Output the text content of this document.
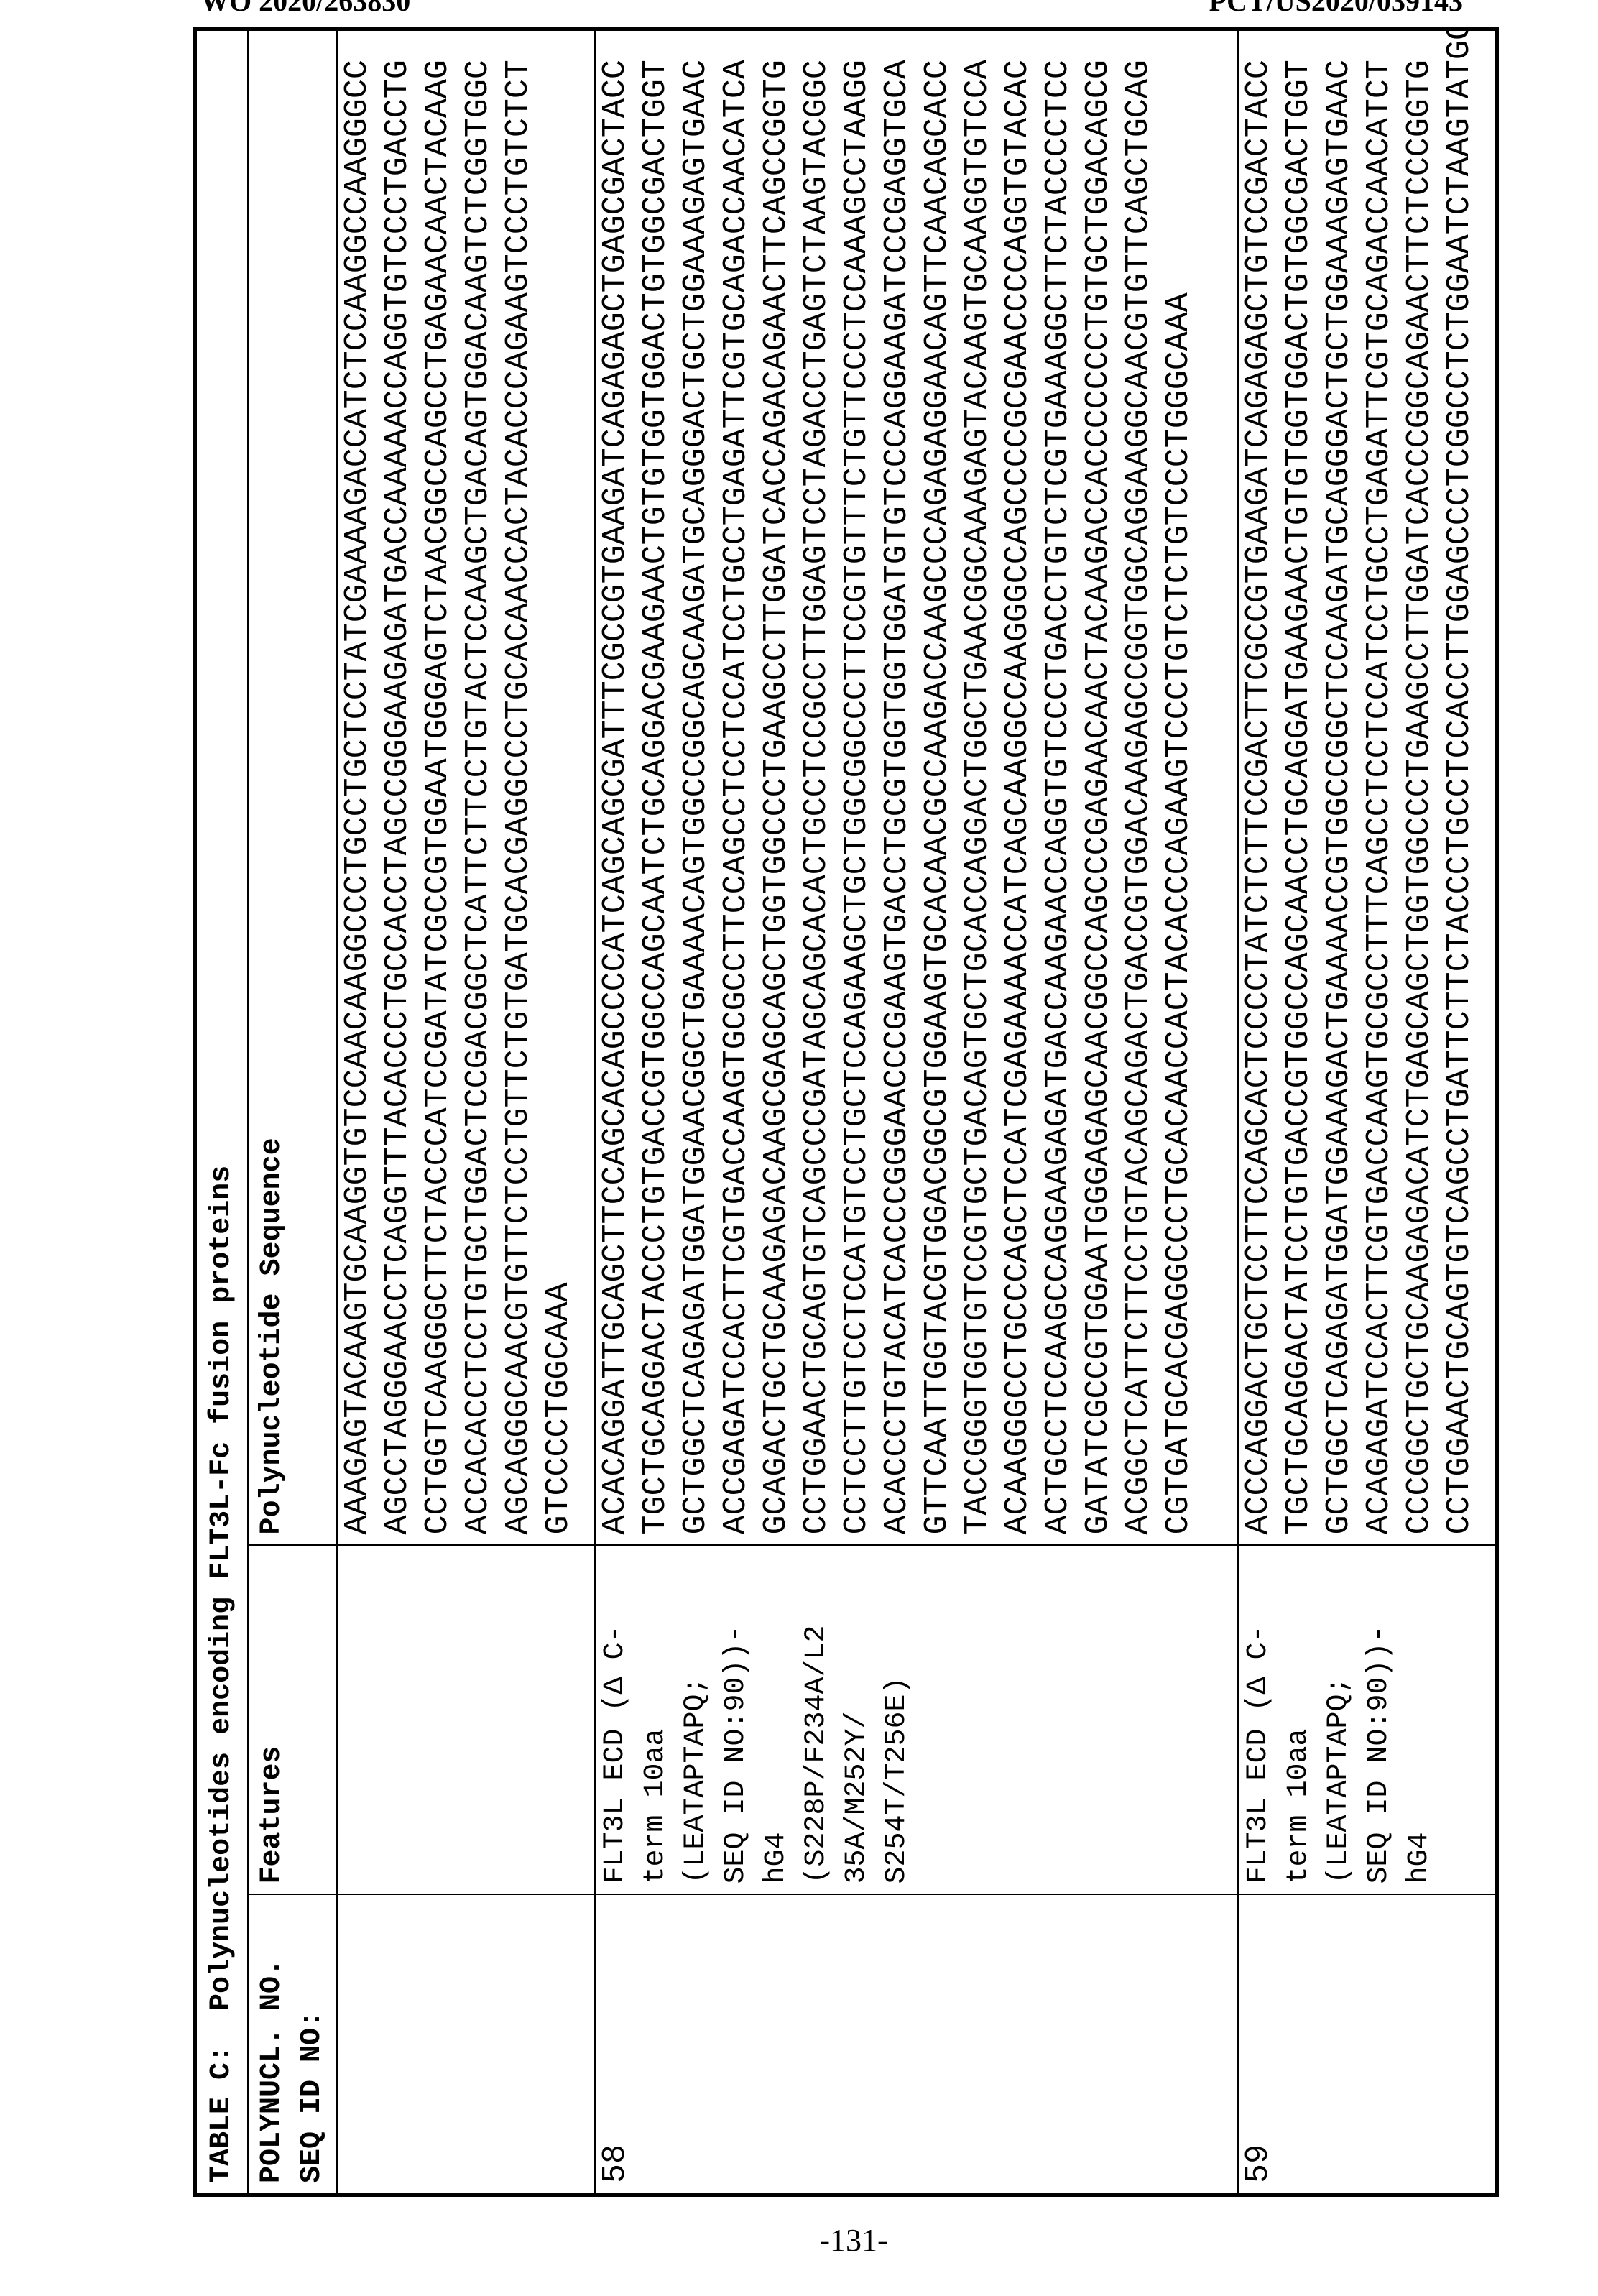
WO 2020/263830	PCT/US2020/039143
TABLE C:  Polynucleotides encoding FLT3L-Fc fusion proteinsPOLYNUCL. NO. SEQ ID NO:
	Features	Polynucleotide Sequence		AAAGAGTACAAGTGCAAGGTGTCCAACAAGGCCCTGCCTGCTCCTATCGAAAAGACCATCTCCAAGGCCAAGGGCC AGCCTAGGGAACCTCAGGTTTACACCCTGCCACCTAGCCGGGAAGAGATGACCAAAAACCAGGTGTCCCTGACCTG CCTGGTCAAGGGCTTCTACCCATCCGATATCGCCGTGGAATGGGAGTCTAACGGCCAGCCTGAGAACAACTACAAG ACCACACCTCCTGTGCTGGACTCCGACGGCTCATTCTTCCTGTACTCCAAGCTGACAGTGGACAAGTCTCGGTGGC AGCAGGGCAACGTGTTCTCCTGTTCTGTGATGCACGAGGCCCTGCACAACCACTACACCCAGAAGTCCCTGTCTCT GTCCCCTGGCAAA

58

FLT3L ECD (Δ C- term 10aa (LEATAPTAPQ; SEQ ID NO:90))- hG4 (S228P/F234A/L2 35A/M252Y/ S254T/T256E)

ACACAGGATTGCAGCTTCCAGCACAGCCCCATCAGCAGCGATTTCGCCGTGAAGATCAGAGAGCTGAGCGACTACC TGCTGCAGGACTACCCTGTGACCGTGGCCAGCAATCTGCAGGACGAAGAACTGTGTGGTGGACTGTGGCGACTGGT GCTGGCTCAGAGATGGATGGAACGGCTGAAAACAGTGGCCGGCAGCAAGATGCAGGGACTGCTGGAAAGAGTGAAC ACCGAGATCCACTTCGTGACCAAGTGCGCCTTCCAGCCTCCTCCATCCTGCCTGAGATTCGTGCAGACCAACATCA GCAGACTGCTGCAAGAGACAAGCGAGCAGCTGGTGGCCCTGAAGCCTTGGATCACCAGACAGAACTTCAGCCGGTG CCTGGAACTGCAGTGTCAGCCCGATAGCAGCACACTGCCTCCGCCTTGGAGTCCTAGACCTGAGTCTAAGTACGGC CCTCCTTGTCCTCCATGTCCTGCTCCAGAAGCTGCTGGCGGCCCTTCCGTGTTTCTGTTCCCTCCAAAGCCTAAGG ACACCCTGTACATCACCCGGGAACCCGAAGTGACCTGCGTGGTGGTGGATGTGTCCCAGGAAGATCCCGAGGTGCA GTTCAATTGGTACGTGGACGGCGTGGAAGTGCACAACGCCAAGACCAAGCCCAGAGAGGAACAGTTCAACAGCACC TACCGGGTGGTGTCCGTGCTGACAGTGCTGCACCAGGACTGGCTGAACGGCAAAGAGTACAAGTGCAAGGTGTCCA ACAAGGGCCTGCCCAGCTCCATCGAGAAAACCATCAGCAAGGCCAAGGGCCAGCCCCGCGAACCCCAGGTGTACAC ACTGCCTCCAAGCCAGGAAGAGATGACCAAGAACCAGGTGTCCCTGACCTGTCTCGTGAAAGGCTTCTACCCCTCC GATATCGCCGTGGAATGGGAGAGCAACGGCCAGCCCGAGAACAACTACAAGACCACCCCCCCTGTGCTGGACAGCG ACGGCTCATTCTTCCTGTACAGCAGACTGACCGTGGACAAGAGCCGGTGGCAGGAAGGCAACGTGTTCAGCTGCAG CGTGATGCACGAGGCCCTGCACAACCACTACACCCAGAAGTCCCTGTCTCTGTCCCTGGGCAAA

59

FLT3L ECD (Δ C- term 10aa (LEATAPTAPQ; SEQ ID NO:90))- hG4

ACCCAGGACTGCTCCTTCCAGCACTCCCCTATCTCTTCCGACTTCGCCGTGAAGATCAGAGAGCTGTCCGACTACC TGCTGCAGGACTATCCTGTGACCGTGGCCAGCAACCTGCAGGATGAAGAACTGTGTGGTGGACTGTGGCGACTGGT GCTGGCTCAGAGATGGATGGAAAGACTGAAAACCGTGGCCGGCTCCAAGATGCAGGGACTGCTGGAAAGAGTGAAC ACAGAGATCCACTTCGTGACCAAGTGCGCCTTTCAGCCTCCTCCATCCTGCCTGAGATTCGTGCAGACCAACATCT CCCGGCTGCTGCAAGAGACATCTGAGCAGCTGGTGGCCCTGAAGCCTTGGATCACCCGGCAGAACTTCTCCCGGTG CCTGGAACTGCAGTGTCAGCCTGATTCTTCTACCCTGCCTCCACCTTGGAGCCCTCGGCCTCTGGAATCTAAGTATGGC
-131-
